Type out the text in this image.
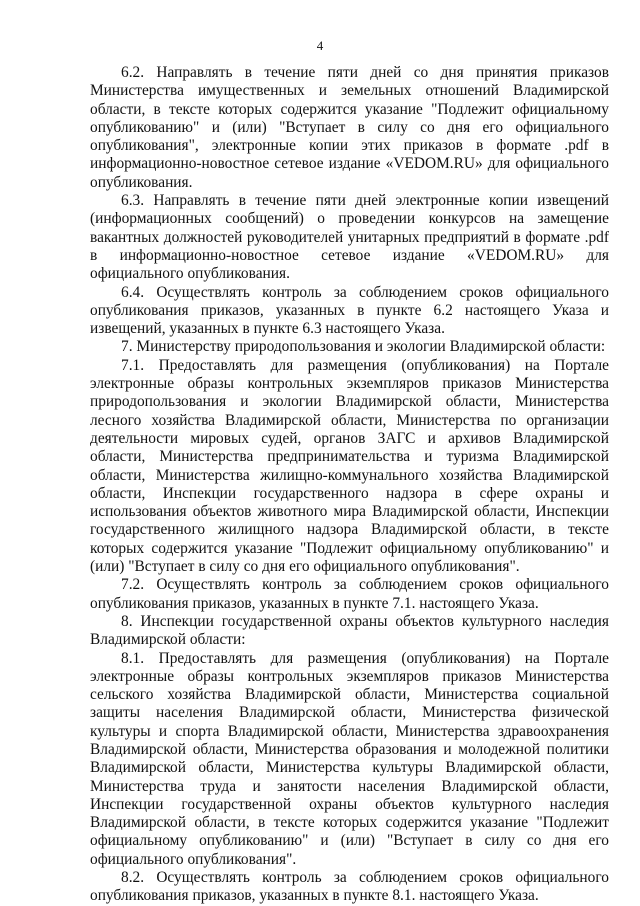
4

6.2. Направлять в течение пяти дней со дня принятия приказов Министерства имущественных и земельных отношений Владимирской области, в тексте которых содержится указание "Подлежит официальному опубликованию" и (или) "Вступает в силу со дня его официального опубликования", электронные копии этих приказов в формате .pdf в информационно-новостное сетевое издание «VEDOM.RU» для официального опубликования.

6.3. Направлять в течение пяти дней электронные копии извещений (информационных сообщений) о проведении конкурсов на замещение вакантных должностей руководителей унитарных предприятий в формате .pdf в информационно-новостное сетевое издание «VEDOM.RU» для официального опубликования.

6.4. Осуществлять контроль за соблюдением сроков официального опубликования приказов, указанных в пункте 6.2 настоящего Указа и извещений, указанных в пункте 6.3 настоящего Указа.

7. Министерству природопользования и экологии Владимирской области:

7.1. Предоставлять для размещения (опубликования) на Портале электронные образы контрольных экземпляров приказов Министерства природопользования и экологии Владимирской области, Министерства лесного хозяйства Владимирской области, Министерства по организации деятельности мировых судей, органов ЗАГС и архивов Владимирской области, Министерства предпринимательства и туризма Владимирской области, Министерства жилищно-коммунального хозяйства Владимирской области, Инспекции государственного надзора в сфере охраны и использования объектов животного мира Владимирской области, Инспекции государственного жилищного надзора Владимирской области, в тексте которых содержится указание "Подлежит официальному опубликованию" и (или) "Вступает в силу со дня его официального опубликования".

7.2. Осуществлять контроль за соблюдением сроков официального опубликования приказов, указанных в пункте 7.1. настоящего Указа.

8. Инспекции государственной охраны объектов культурного наследия Владимирской области:

8.1. Предоставлять для размещения (опубликования) на Портале электронные образы контрольных экземпляров приказов Министерства сельского хозяйства Владимирской области, Министерства социальной защиты населения Владимирской области, Министерства физической культуры и спорта Владимирской области, Министерства здравоохранения Владимирской области, Министерства образования и молодежной политики Владимирской области, Министерства культуры Владимирской области, Министерства труда и занятости населения Владимирской области, Инспекции государственной охраны объектов культурного наследия Владимирской области, в тексте которых содержится указание "Подлежит официальному опубликованию" и (или) "Вступает в силу со дня его официального опубликования".

8.2. Осуществлять контроль за соблюдением сроков официального опубликования приказов, указанных в пункте 8.1. настоящего Указа.
